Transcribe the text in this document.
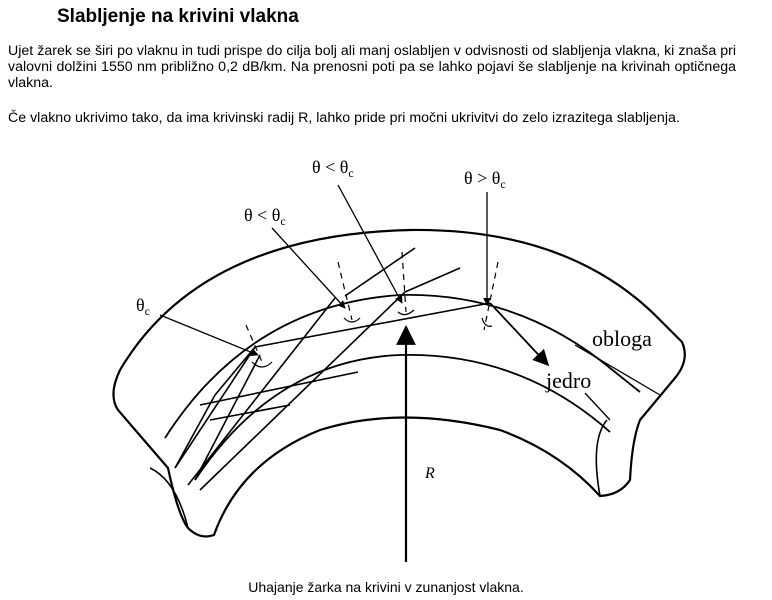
Slabljenje na krivini vlakna

Ujet žarek se širi po vlaknu in tudi prispe do cilja bolj ali manj oslabljen v odvisnosti od slabljenja vlakna, ki znaša pri valovni dolžini 1550 nm približno 0,2 dB/km. Na prenosni poti pa se lahko pojavi še slabljenje na krivinah optičnega vlakna.

Če vlakno ukrivimo tako, da ima krivinski radij R, lahko pride pri močni ukrivitvi do zelo izrazitega slabljenja.

$\theta_c$
$\theta < \theta_c$
$\theta < \theta_c$	$\theta > \theta_c$
obloga
jedro
R

Uhajanje žarka na krivini v zunanjost vlakna.
